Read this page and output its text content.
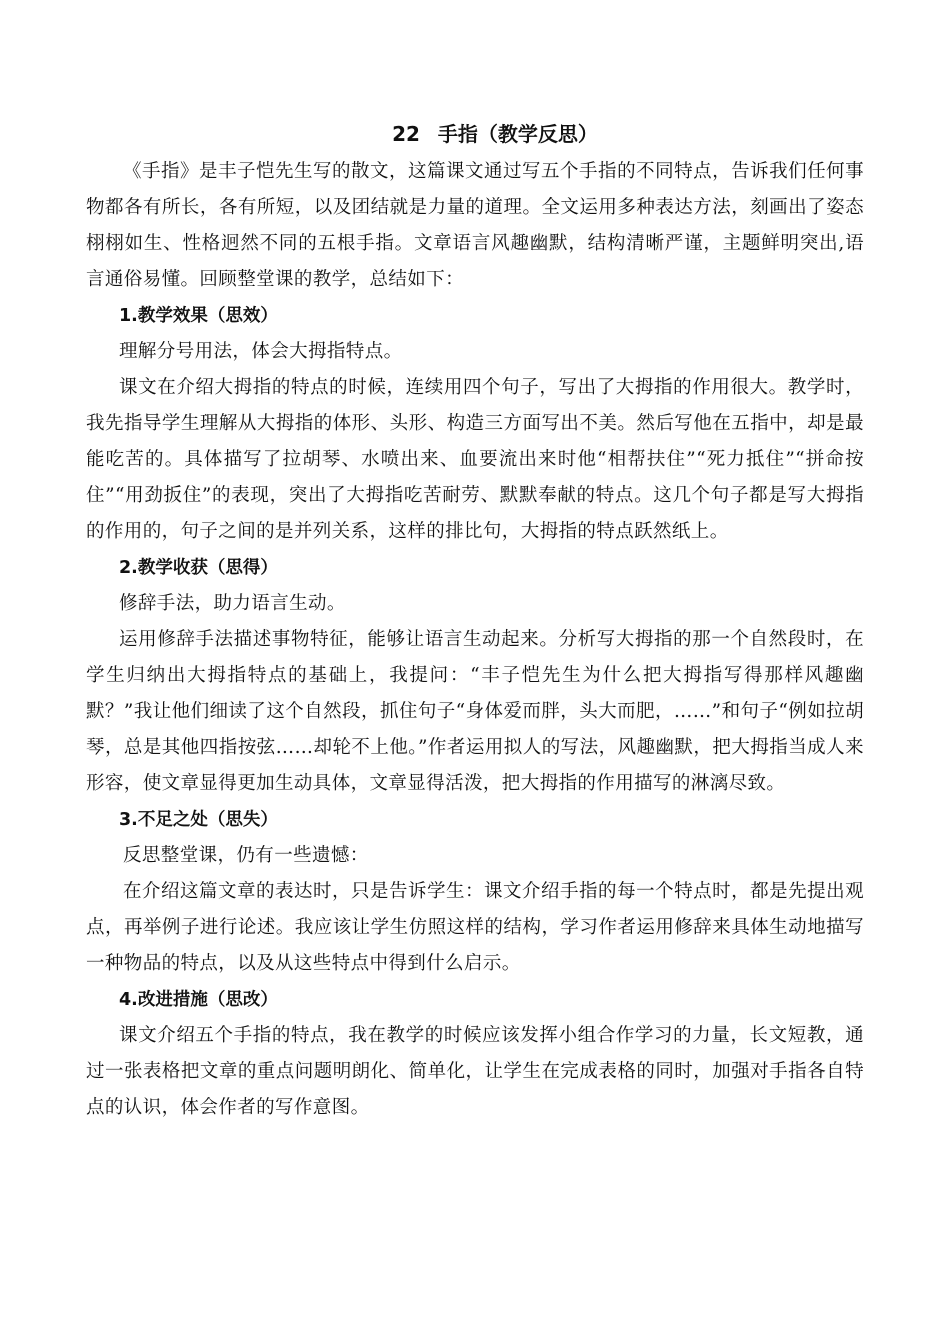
22 手指（教学反思）

《手指》是丰子恺先生写的散文，这篇课文通过写五个手指的不同特点，告诉我们任何事物都各有所长，各有所短，以及团结就是力量的道理。全文运用多种表达方法，刻画出了姿态栩栩如生、性格迥然不同的五根手指。文章语言风趣幽默，结构清晰严谨，主题鲜明突出,语言通俗易懂。回顾整堂课的教学，总结如下：

1.教学效果（思效）

理解分号用法，体会大拇指特点。

课文在介绍大拇指的特点的时候，连续用四个句子，写出了大拇指的作用很大。教学时，我先指导学生理解从大拇指的体形、头形、构造三方面写出不美。然后写他在五指中，却是最能吃苦的。具体描写了拉胡琴、水喷出来、血要流出来时他“相帮扶住”“死力抵住”“拼命按住”“用劲扳住”的表现，突出了大拇指吃苦耐劳、默默奉献的特点。这几个句子都是写大拇指的作用的，句子之间的是并列关系，这样的排比句，大拇指的特点跃然纸上。

2.教学收获（思得）

修辞手法，助力语言生动。

运用修辞手法描述事物特征，能够让语言生动起来。分析写大拇指的那一个自然段时，在学生归纳出大拇指特点的基础上，我提问：“丰子恺先生为什么把大拇指写得那样风趣幽默？”我让他们细读了这个自然段，抓住句子“身体爱而胖，头大而肥，……”和句子“例如拉胡琴，总是其他四指按弦……却轮不上他。”作者运用拟人的写法，风趣幽默，把大拇指当成人来形容，使文章显得更加生动具体，文章显得活泼，把大拇指的作用描写的淋漓尽致。

3.不足之处（思失）

反思整堂课，仍有一些遗憾：

在介绍这篇文章的表达时，只是告诉学生：课文介绍手指的每一个特点时，都是先提出观点，再举例子进行论述。我应该让学生仿照这样的结构，学习作者运用修辞来具体生动地描写一种物品的特点，以及从这些特点中得到什么启示。

4.改进措施（思改）

课文介绍五个手指的特点，我在教学的时候应该发挥小组合作学习的力量，长文短教，通过一张表格把文章的重点问题明朗化、简单化，让学生在完成表格的同时，加强对手指各自特点的认识，体会作者的写作意图。
